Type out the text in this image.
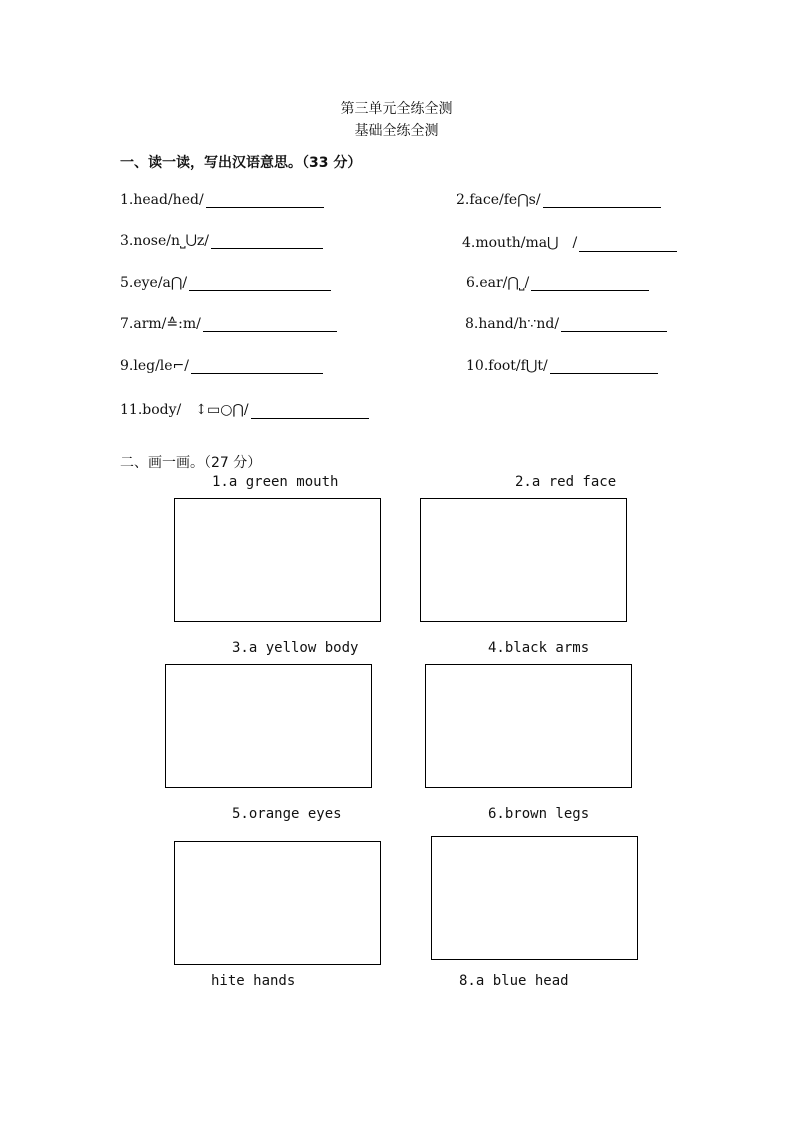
第三单元全练全测
基础全练全测
一、读一读，写出汉语意思。（33 分）
1.head/hed/	2.face/fe⋂s/
3.nose/n⎵⋃z/	4.mouth/ma⋃　/
5.eye/a⋂/	6.ear/⋂⎵/
7.arm/≙:m/	8.hand/h∵nd/
9.leg/le⌐/	10.foot/f⋃t/
11.body/　↕▭○⋂/
二、画一画。（27 分）
1.a green mouth	2.a red face
3.a yellow body	4.black arms
5.orange eyes	6.brown legs
hite hands	8.a blue head
